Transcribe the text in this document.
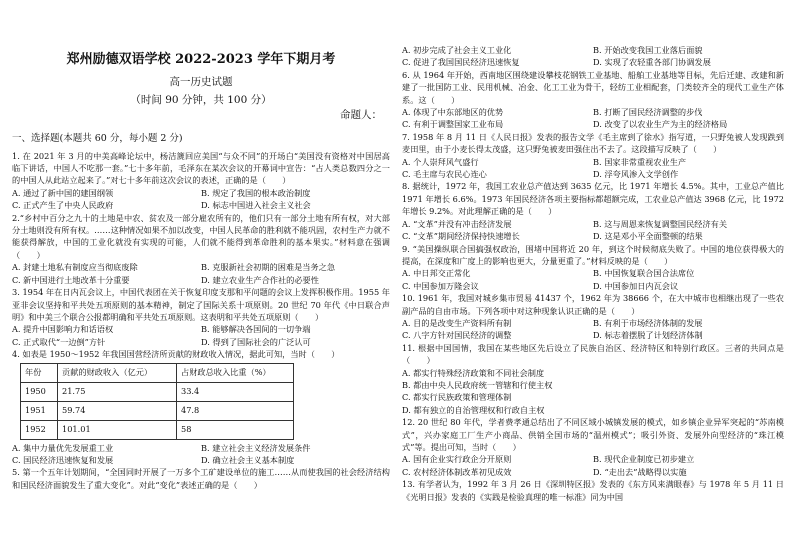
郑州励德双语学校 2022-2023 学年下期月考
高一历史试题
（时间 90 分钟，共 100 分）
命题人：
一、选择题(本题共 60 分，每小题 2 分)

1. 在 2021 年 3 月的中美高峰论坛中，杨洁篪回应美国“与众不同”的开场白“美国没有资格对中国居高临下讲话，中国人不吃那一套。”七十多年前，毛泽东在某次会议的开幕词中宣告：“占人类总数四分之一的中国人从此站立起来了。”对七十多年前这次会议的表述，正确的是（　　）

A. 通过了新中国的建国纲领	B. 规定了我国的根本政治制度
C. 正式产生了中央人民政府	D. 标志中国进入社会主义社会

2.“乡村中百分之九十的土地是中农、贫农及一部分雇农所有的，他们只有一部分土地有所有权，对大部分土地则没有所有权。……这种情况如果不加以改变，中国人民革命的胜利就不能巩固，农村生产力就不能获得解放，中国的工业化就没有实现的可能，人们就不能得到革命胜利的基本果实。”材料意在强调（　　）

A. 封建土地私有制度应当彻底废除	B. 克服新社会初期的困难是当务之急
C. 新中国进行土地改革十分重要	D. 建立农业生产合作社的必要性

3. 1954 年在日内瓦会议上，中国代表团在关于恢复印度支那和平问题的会议上发挥积极作用。1955 年亚非会议坚持和平共处五项原则的基本精神，制定了国际关系十项原则。20 世纪 70 年代《中日联合声明》和中美三个联合公报都明确和平共处五项原则。这表明和平共处五项原则（　　）

A. 提升中国影响力和话语权	B. 能够解决各国间的一切争端
C. 正式取代“一边倒”方针	D. 得到了国际社会的广泛认可

4. 如表是 1950～1952 年我国国营经济所贡献的财政收入情况，据此可知，当时（　　）

年份	贡献的财政收入（亿元）	占财政总收入比重（%）
1950	21.75	33.4
1951	59.74	47.8
1952	101.01	58
A. 集中力量优先发展重工业	B. 建立社会主义经济发展条件
C. 国民经济迅速恢复和发展	D. 确立社会主义基本制度

5. 第一个五年计划期间，“全国同时开展了一万多个工矿建设单位的施工……从而使我国的社会经济结构和国民经济面貌发生了重大变化”。对此“变化”表述正确的是（　　）

A. 初步完成了社会主义工业化	B. 开始改变我国工业落后面貌
C. 促进了我国国民经济迅速恢复	D. 实现了农轻重各部门协调发展

6. 从 1964 年开始，西南地区围绕建设攀枝花钢铁工业基地、船舶工业基地等目标，先后迁建、改建和新建了一批国防工业、民用机械、冶金、化工工业为骨干，轻纺工业相配套，门类较齐全的现代工业生产体系。这（　　）

A. 体现了中东部地区的优势	B. 打断了国民经济调整的步伐
C. 有利于调整国家工业布局	D. 改变了以农业生产为主的经济格局

7. 1958 年 8 月 11 日《人民日报》发表的报告文学《毛主席到了徐水》指写道，一只野兔被人发现跌到麦田里，由于小麦长得太茂盛，这只野兔被麦田强住出不去了。这段描写反映了（　　）

A. 个人崇拜风气盛行	B. 国家非常重视农业生产
C. 毛主席与农民心连心	D. 浮夸风渗入文学创作

8. 据统计，1972 年，我国工农业总产值达到 3635 亿元，比 1971 年增长 4.5%。其中，工业总产值比 1971 年增长 6.6%。1973 年国民经济各项主要指标都超额完成，工农业总产值达 3968 亿元，比 1972 年增长 9.2%。对此理解正确的是（　　）

A. “文革”并没有冲击经济发展	B. 这与周恩来恢复调整国民经济有关
C. “文革”期间经济保持快速增长	D. 这是邓小平全面整顿的结果

9. “美国操纵联合国搞强权政治，围堵中国将近 20 年，到这个时候彻底失败了。中国的地位获得极大的提高，在深度和广度上的影响也更大，分量更重了。”材料反映的是（　　）

A. 中日邦交正常化	B. 中国恢复联合国合法席位
C. 中国参加万隆会议	D. 中国参加日内瓦会议

10. 1961 年，我国对城乡集市贸易 41437 个，1962 年为 38666 个，在大中城市也相继出现了一些农副产品的自由市场。下列各项中对这种现象认识正确的是（　　）

A. 目的是改变生产资料所有制	B. 有利于市场经济体制的发展
C. 八字方针对国民经济的调整	D. 标志着摆脱了计划经济体制

11. 根据中国国情，我国在某些地区先后设立了民族自治区、经济特区和特别行政区。三者的共同点是（　　）

A. 都实行特殊经济政策和不同社会制度
B. 都由中央人民政府统一管辖和行使主权
C. 都实行民族政策和管理体制
D. 都有独立的自治管理权和行政自主权

12. 20 世纪 80 年代，学者费孝通总结出了不同区域小城镇发展的模式，如乡镇企业异军突起的“苏南模式”，兴办家庭工厂生产小商品、供销全国市场的“温州模式”；吸引外资、发展外向型经济的“珠江模式”等。提出可知，当时（　　）

A. 国有企业实行政企分开原则	B. 现代企业制度已初步建立
C. 农村经济体制改革初见成效	D. “走出去”战略得以实施

13. 有学者认为，1992 年 3 月 26 日《深圳特区报》发表的《东方风来满眼春》与 1978 年 5 月 11 日《光明日报》发表的《实践是检验真理的唯一标准》同为中国
